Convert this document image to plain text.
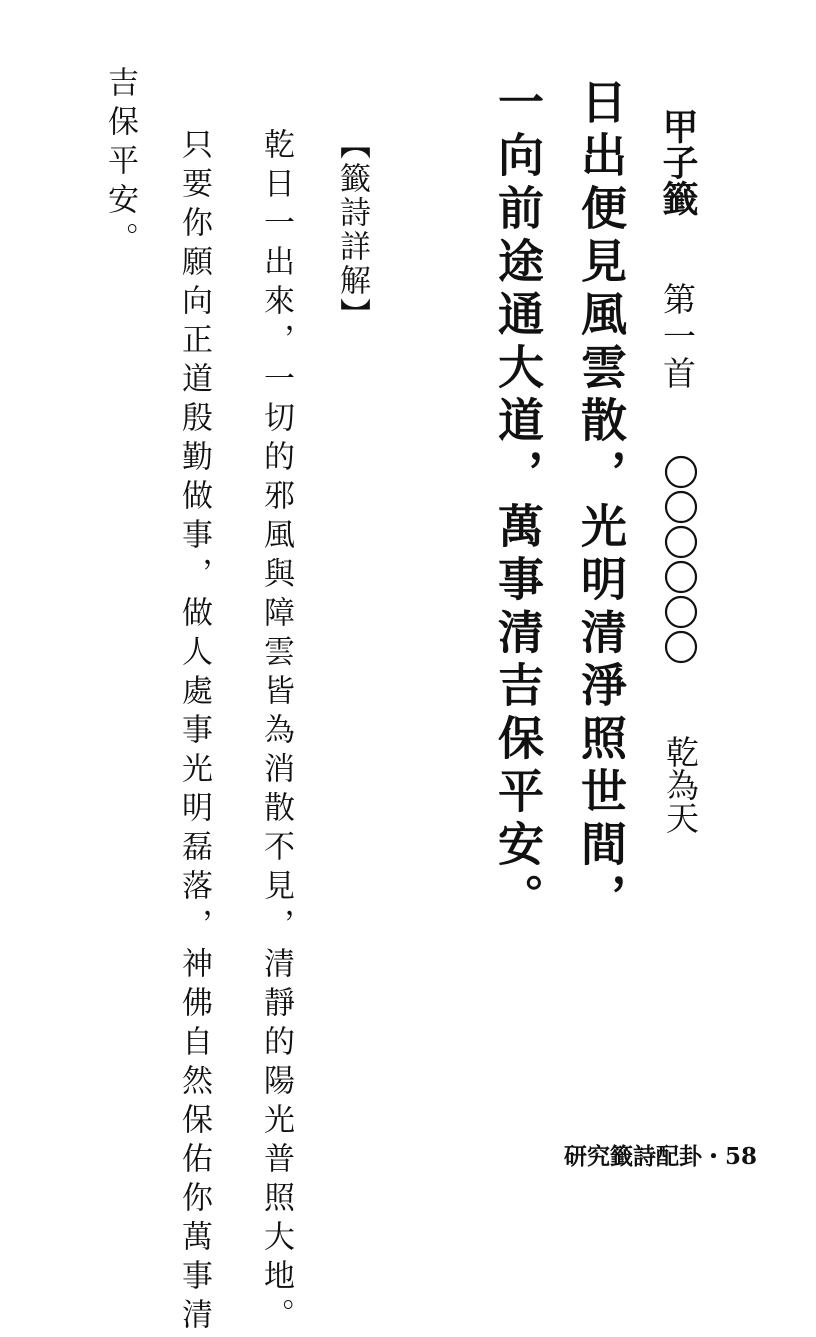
甲子籤
第一首
乾為天
日出便見風雲散，光明清淨照世間，
一向前途通大道，萬事清吉保平安。
【籤詩詳解】
乾日一出來，一切的邪風與障雲皆為消散不見，清靜的陽光普照大地。
只要你願向正道殷勤做事，做人處事光明磊落，神佛自然保佑你萬事清
吉保平安。
研究籤詩配卦・58
